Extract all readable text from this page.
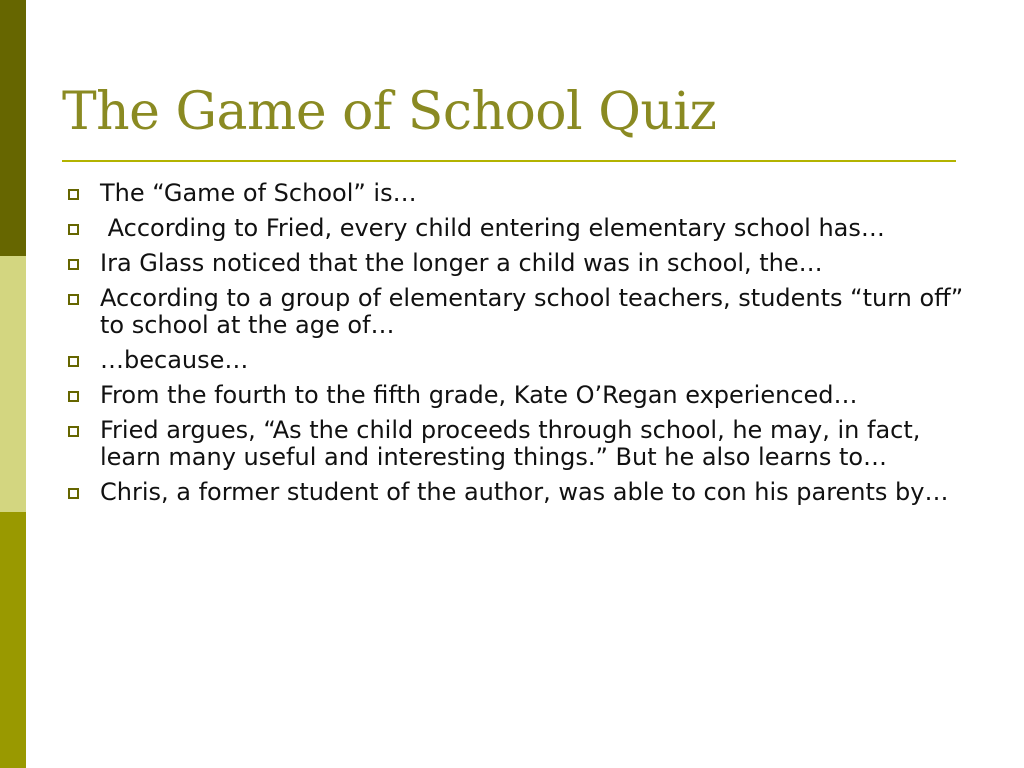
The Game of School Quiz
The “Game of School” is…
According to Fried, every child entering elementary school has…
Ira Glass noticed that the longer a child was in school, the…
According to a group of elementary school teachers, students “turn off” to school at the age of…
…because…
From the fourth to the fifth grade, Kate O’Regan experienced…
Fried argues, “As the child proceeds through school, he may, in fact, learn many useful and interesting things.” But he also learns to…
Chris, a former student of the author, was able to con his parents by…
